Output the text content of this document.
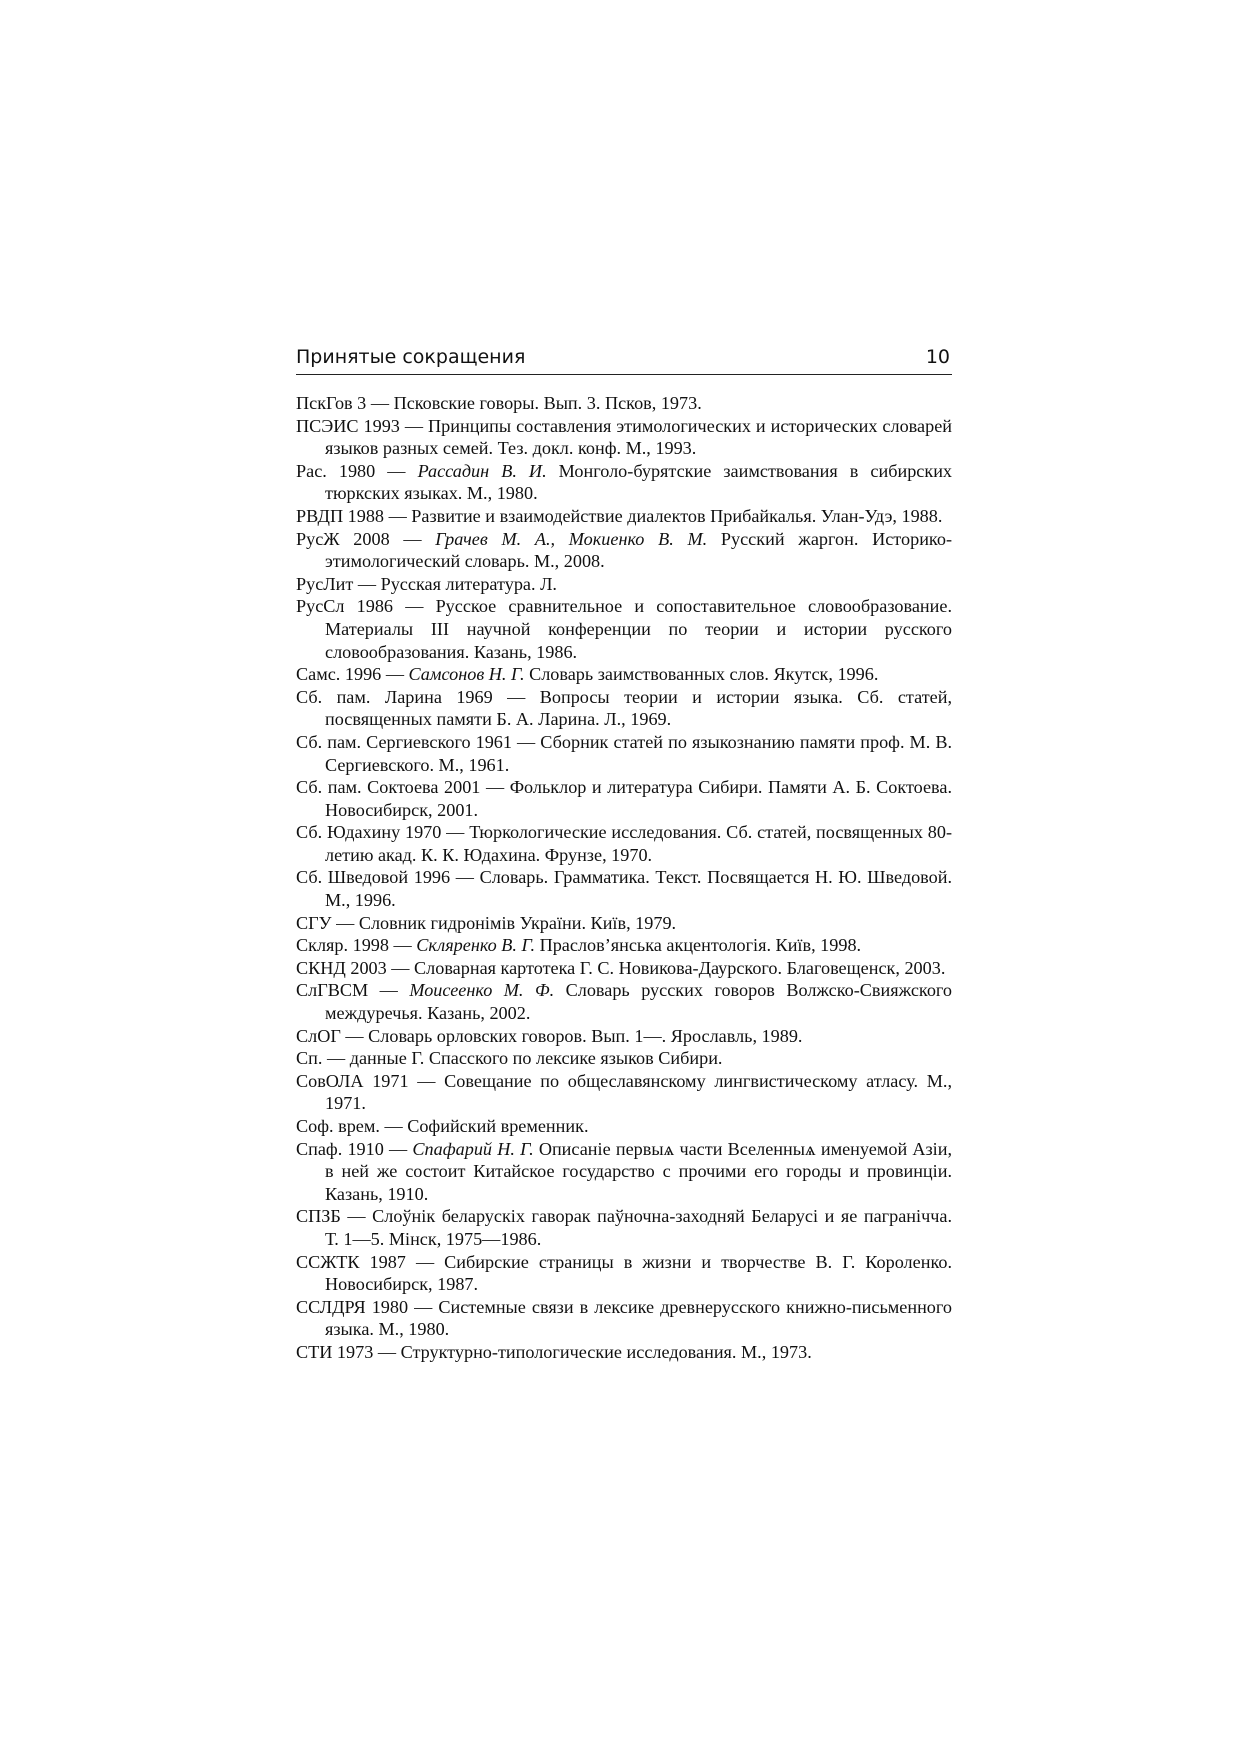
Принятые сокращения	10
ПскГов 3 — Псковские говоры. Вып. 3. Псков, 1973.
ПСЭИС 1993 — Принципы составления этимологических и исторических словарей языков разных семей. Тез. докл. конф. М., 1993.
Рас. 1980 — Рассадин В. И. Монголо-бурятские заимствования в сибирских тюркских языках. М., 1980.
РВДП 1988 — Развитие и взаимодействие диалектов Прибайкалья. Улан-Удэ, 1988.
РусЖ 2008 — Грачев М. А., Мокиенко В. М. Русский жаргон. Историко-этимологический словарь. М., 2008.
РусЛит — Русская литература. Л.
РусСл 1986 — Русское сравнительное и сопоставительное словообразование. Материалы III научной конференции по теории и истории русского словообразования. Казань, 1986.
Самс. 1996 — Самсонов Н. Г. Словарь заимствованных слов. Якутск, 1996.
Сб. пам. Ларина 1969 — Вопросы теории и истории языка. Сб. статей, посвященных памяти Б. А. Ларина. Л., 1969.
Сб. пам. Сергиевского 1961 — Сборник статей по языкознанию памяти проф. М. В. Сергиевского. М., 1961.
Сб. пам. Соктоева 2001 — Фольклор и литература Сибири. Памяти А. Б. Соктоева. Новосибирск, 2001.
Сб. Юдахину 1970 — Тюркологические исследования. Сб. статей, посвященных 80-летию акад. К. К. Юдахина. Фрунзе, 1970.
Сб. Шведовой 1996 — Словарь. Грамматика. Текст. Посвящается Н. Ю. Шведовой. М., 1996.
СГУ — Словник гидронімів України. Київ, 1979.
Скляр. 1998 — Скляренко В. Г. Праслов’янська акцентологія. Київ, 1998.
СКНД 2003 — Словарная картотека Г. С. Новикова-Даурского. Благовещенск, 2003.
СлГВСМ — Моисеенко М. Ф. Словарь русских говоров Волжско-Свияжского междуречья. Казань, 2002.
СлОГ — Словарь орловских говоров. Вып. 1—. Ярославль, 1989.
Сп. — данные Г. Спасского по лексике языков Сибири.
СовОЛА 1971 — Совещание по общеславянскому лингвистическому атласу. М., 1971.
Соф. врем. — Софийский временник.
Спаф. 1910 — Спафарий Н. Г. Описаніе первыѧ части Вселенныѧ именуемой Азіи, в ней же состоит Китайское государство с прочими его городы и провинціи. Казань, 1910.
СПЗБ — Слоўнік беларускіх гаворак паўночна-заходняй Беларусі и яе пагранічча. Т. 1—5. Мінск, 1975—1986.
ССЖТК 1987 — Сибирские страницы в жизни и творчестве В. Г. Короленко. Новосибирск, 1987.
ССЛДРЯ 1980 — Системные связи в лексике древнерусского книжно-письменного языка. М., 1980.
СТИ 1973 — Структурно-типологические исследования. М., 1973.
